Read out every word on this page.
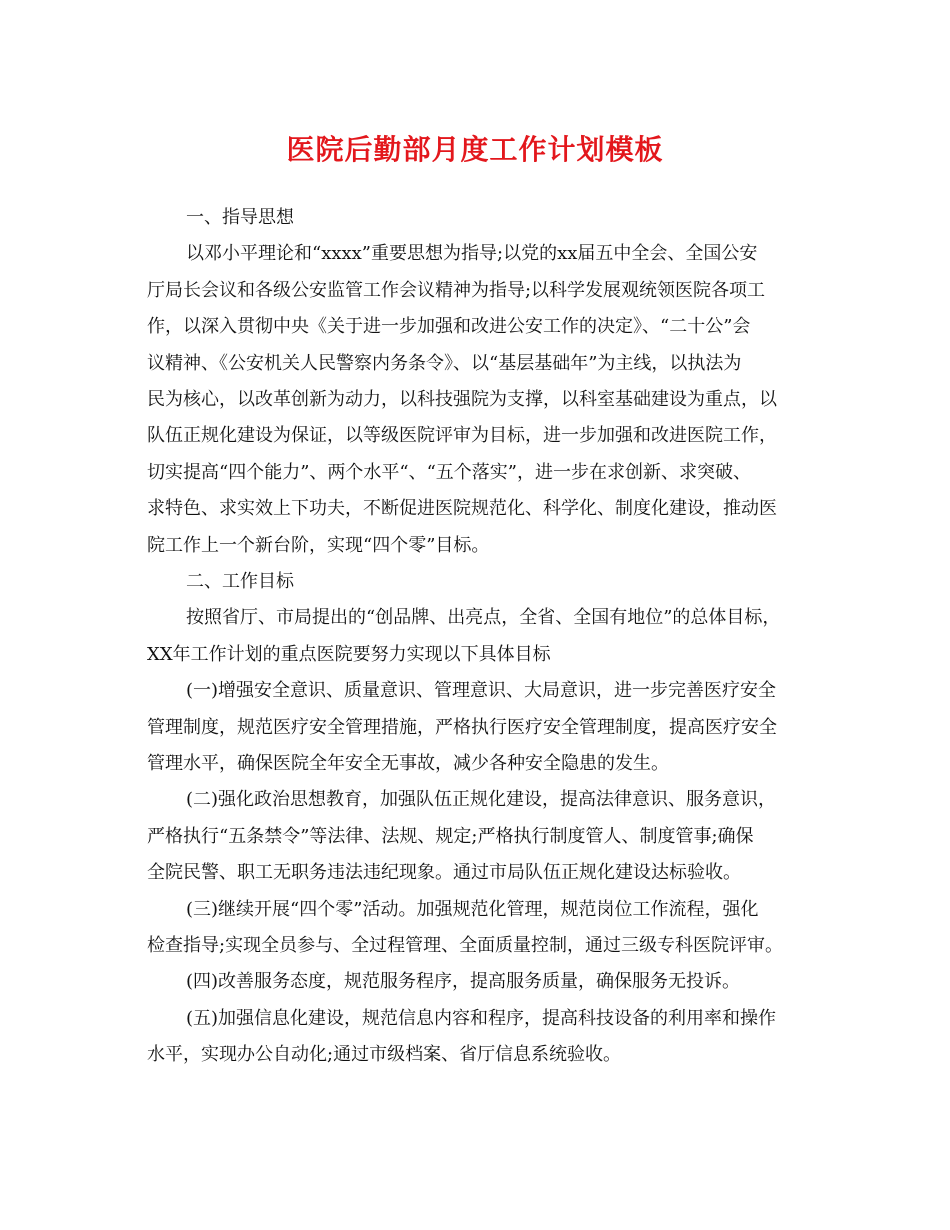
医院后勤部月度工作计划模板
一、指导思想
以邓小平理论和“xxxx”重要思想为指导;以党的xx届五中全会、全国公安
厅局长会议和各级公安监管工作会议精神为指导;以科学发展观统领医院各项工
作，以深入贯彻中央《关于进一步加强和改进公安工作的决定》、“二十公”会
议精神、《公安机关人民警察内务条令》、以“基层基础年”为主线，以执法为
民为核心，以改革创新为动力，以科技强院为支撑，以科室基础建设为重点，以
队伍正规化建设为保证，以等级医院评审为目标，进一步加强和改进医院工作，
切实提高“四个能力”、两个水平“、“五个落实”，进一步在求创新、求突破、
求特色、求实效上下功夫，不断促进医院规范化、科学化、制度化建设，推动医
院工作上一个新台阶，实现“四个零”目标。
二、工作目标
按照省厅、市局提出的“创品牌、出亮点，全省、全国有地位”的总体目标，
XX年工作计划的重点医院要努力实现以下具体目标
(一)增强安全意识、质量意识、管理意识、大局意识，进一步完善医疗安全
管理制度，规范医疗安全管理措施，严格执行医疗安全管理制度，提高医疗安全
管理水平，确保医院全年安全无事故，减少各种安全隐患的发生。
(二)强化政治思想教育，加强队伍正规化建设，提高法律意识、服务意识，
严格执行“五条禁令”等法律、法规、规定;严格执行制度管人、制度管事;确保
全院民警、职工无职务违法违纪现象。通过市局队伍正规化建设达标验收。
(三)继续开展“四个零”活动。加强规范化管理，规范岗位工作流程，强化
检查指导;实现全员参与、全过程管理、全面质量控制，通过三级专科医院评审。
(四)改善服务态度，规范服务程序，提高服务质量，确保服务无投诉。
(五)加强信息化建设，规范信息内容和程序，提高科技设备的利用率和操作
水平，实现办公自动化;通过市级档案、省厅信息系统验收。
